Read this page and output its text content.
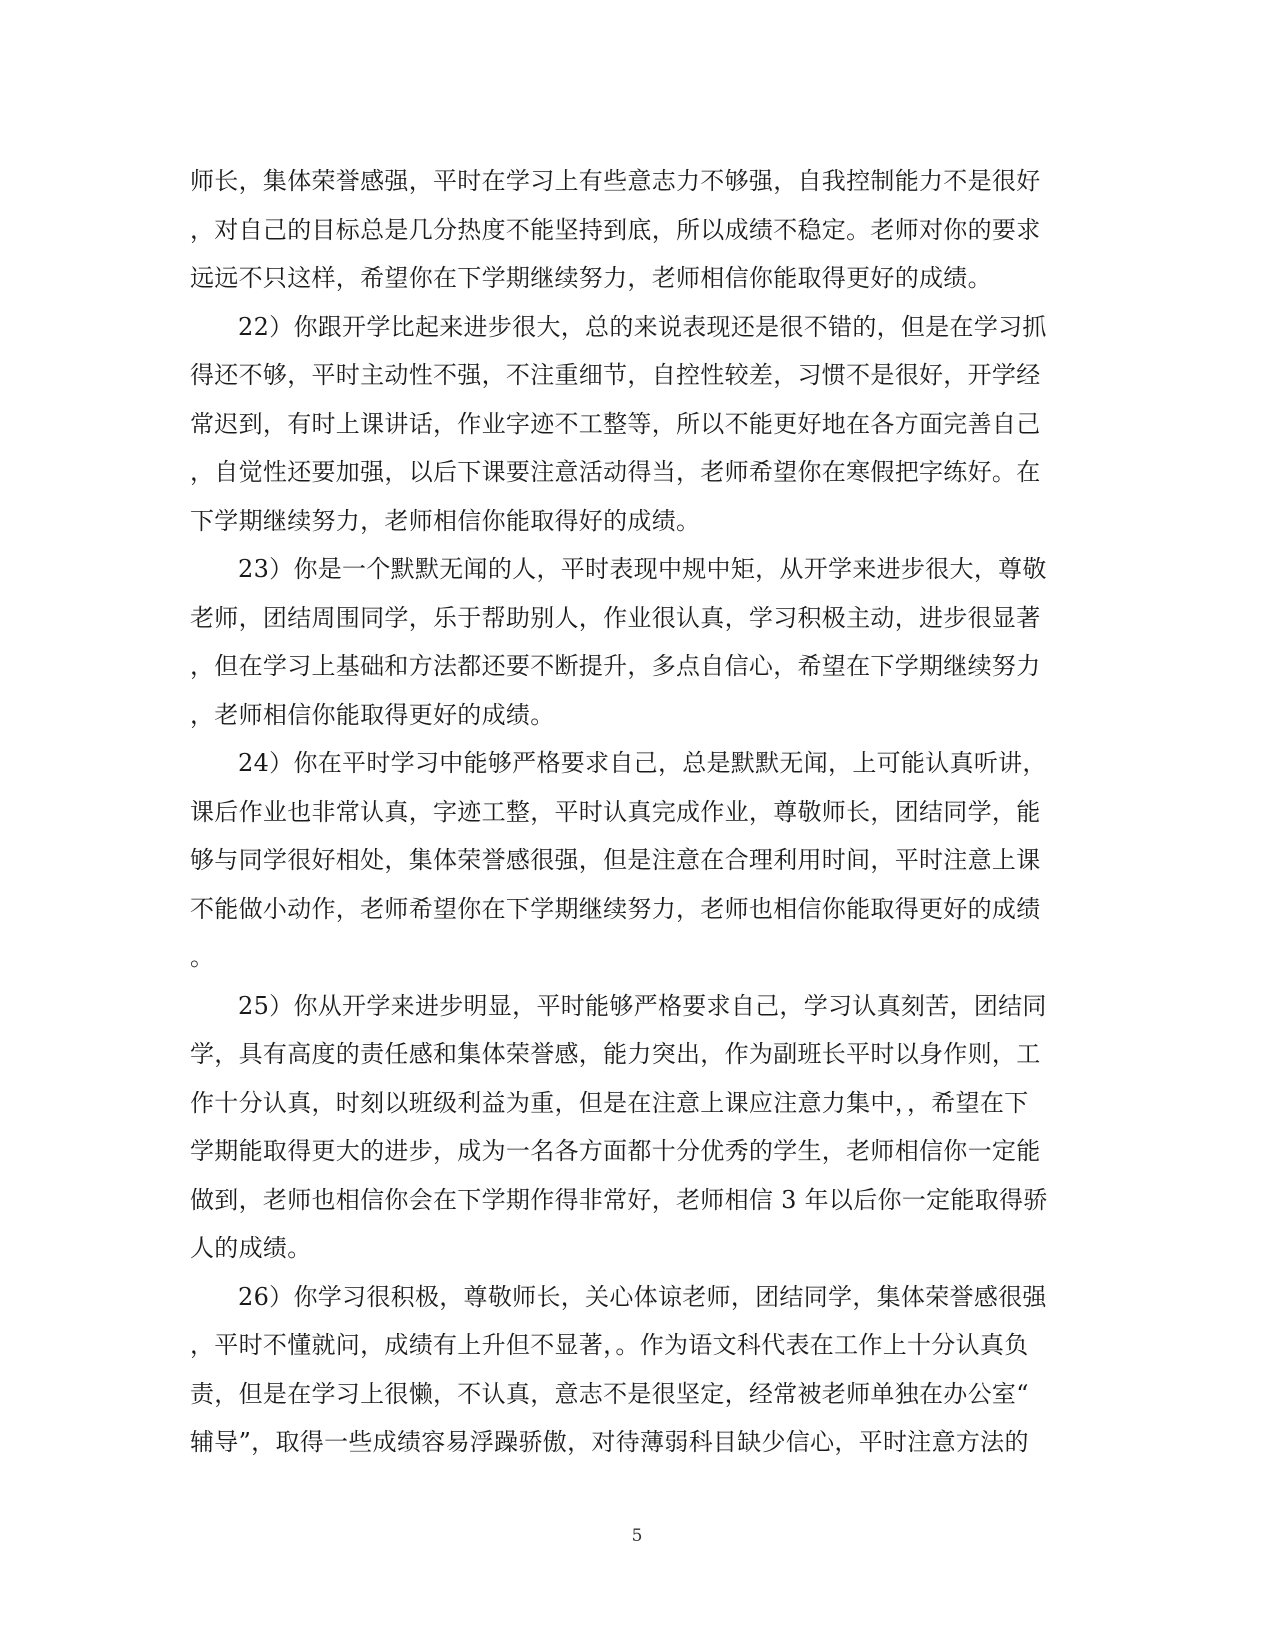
师长，集体荣誉感强，平时在学习上有些意志力不够强，自我控制能力不是很好
，对自己的目标总是几分热度不能坚持到底，所以成绩不稳定。老师对你的要求
远远不只这样，希望你在下学期继续努力，老师相信你能取得更好的成绩。
22）你跟开学比起来进步很大，总的来说表现还是很不错的，但是在学习抓
得还不够，平时主动性不强，不注重细节，自控性较差，习惯不是很好，开学经
常迟到，有时上课讲话，作业字迹不工整等，所以不能更好地在各方面完善自己
，自觉性还要加强，以后下课要注意活动得当，老师希望你在寒假把字练好。在
下学期继续努力，老师相信你能取得好的成绩。
23）你是一个默默无闻的人，平时表现中规中矩，从开学来进步很大，尊敬
老师，团结周围同学，乐于帮助别人，作业很认真，学习积极主动，进步很显著
，但在学习上基础和方法都还要不断提升，多点自信心，希望在下学期继续努力
，老师相信你能取得更好的成绩。
24）你在平时学习中能够严格要求自己，总是默默无闻，上可能认真听讲，
课后作业也非常认真，字迹工整，平时认真完成作业，尊敬师长，团结同学，能
够与同学很好相处，集体荣誉感很强，但是注意在合理利用时间，平时注意上课
不能做小动作，老师希望你在下学期继续努力，老师也相信你能取得更好的成绩
。
25）你从开学来进步明显，平时能够严格要求自己，学习认真刻苦，团结同
学，具有高度的责任感和集体荣誉感，能力突出，作为副班长平时以身作则，工
作十分认真，时刻以班级利益为重，但是在注意上课应注意力集中，，希望在下
学期能取得更大的进步，成为一名各方面都十分优秀的学生，老师相信你一定能
做到，老师也相信你会在下学期作得非常好，老师相信 3 年以后你一定能取得骄
人的成绩。
26）你学习很积极，尊敬师长，关心体谅老师，团结同学，集体荣誉感很强
，平时不懂就问，成绩有上升但不显著，。作为语文科代表在工作上十分认真负
责，但是在学习上很懒，不认真，意志不是很坚定，经常被老师单独在办公室“
辅导”，取得一些成绩容易浮躁骄傲，对待薄弱科目缺少信心，平时注意方法的
5
